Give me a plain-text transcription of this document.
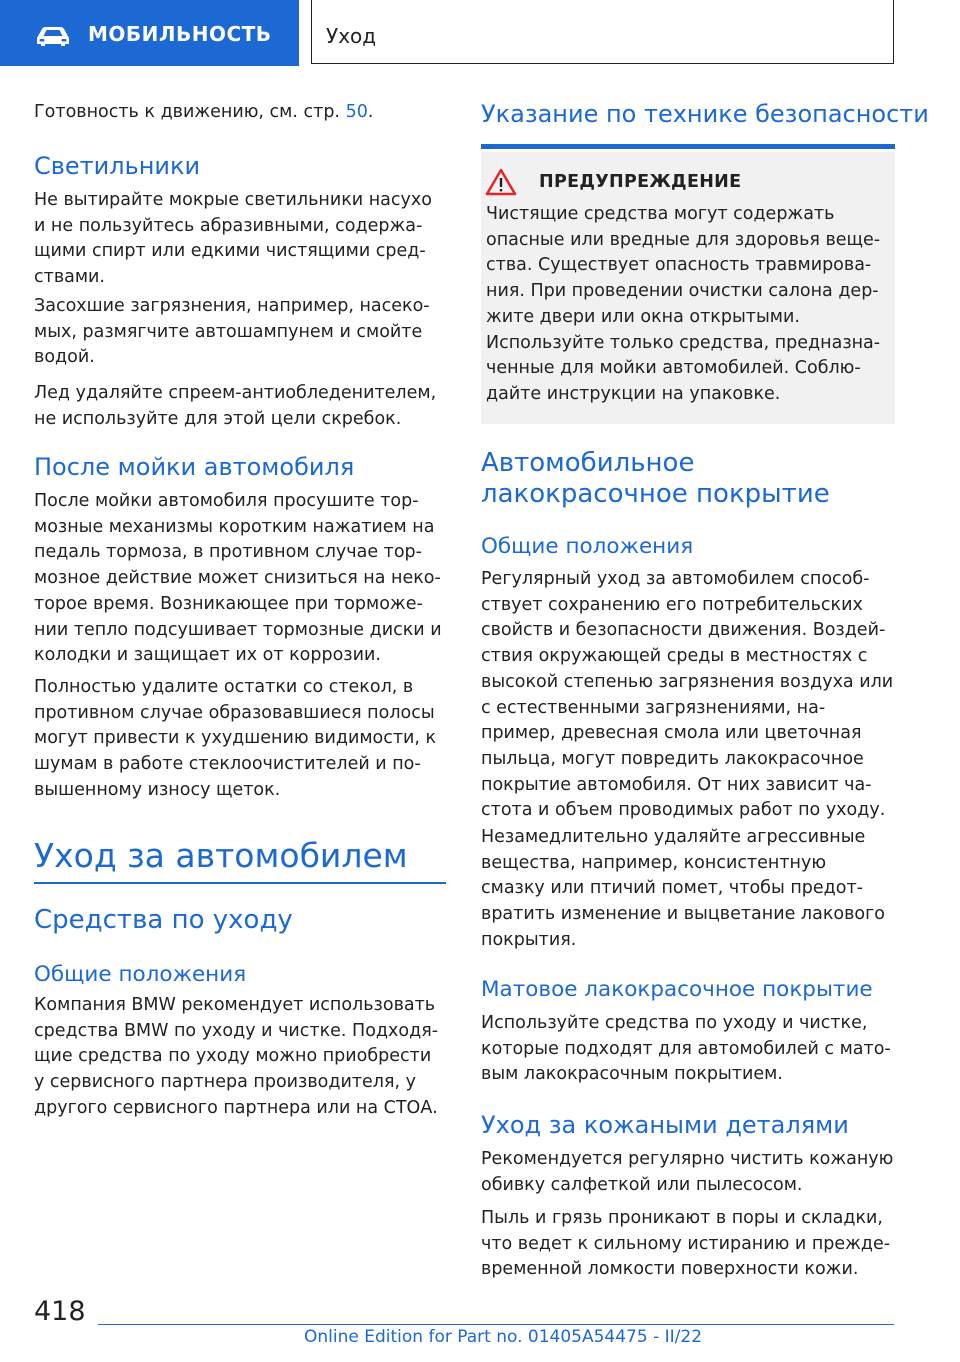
МОБИЛЬНОСТЬ	Уход

Готовность к движению, см. стр. 50.

Светильники

Не вытирайте мокрые светильники насухо и не пользуйтесь абразивными, содержа-щими спирт или едкими чистящими сред-ствами.

Засохшие загрязнения, например, насеко-мых, размягчите автошампунем и смойте водой.

Лед удаляйте спреем-антиобледенителем, не используйте для этой цели скребок.

После мойки автомобиля

После мойки автомобиля просушите тор-мозные механизмы коротким нажатием на педаль тормоза, в противном случае тор-мозное действие может снизиться на неко-торое время. Возникающее при торможе-нии тепло подсушивает тормозные диски и колодки и защищает их от коррозии.

Полностью удалите остатки со стекол, в противном случае образовавшиеся полосы могут привести к ухудшению видимости, к шумам в работе стеклоочистителей и по-вышенному износу щеток.

Уход за автомобилем
Средства по уходу
Общие положения

Компания BMW рекомендует использовать средства BMW по уходу и чистке. Подходя-щие средства по уходу можно приобрести у сервисного партнера производителя, у другого сервисного партнера или на СТОА.

Указание по технике безопасности
ПРЕДУПРЕЖДЕНИЕ

Чистящие средства могут содержать опасные или вредные для здоровья веще-ства. Существует опасность травмирова-ния. При проведении очистки салона дер-жите двери или окна открытыми. Используйте только средства, предназна-ченные для мойки автомобилей. Соблю-дайте инструкции на упаковке.

Автомобильное лакокрасочное покрытие
Общие положения

Регулярный уход за автомобилем способ-ствует сохранению его потребительских свойств и безопасности движения. Воздей-ствия окружающей среды в местностях с высокой степенью загрязнения воздуха или с естественными загрязнениями, на-пример, древесная смола или цветочная пыльца, могут повредить лакокрасочное покрытие автомобиля. От них зависит ча-стота и объем проводимых работ по уходу.

Незамедлительно удаляйте агрессивные вещества, например, консистентную смазку или птичий помет, чтобы предот-вратить изменение и выцветание лакового покрытия.

Матовое лакокрасочное покрытие

Используйте средства по уходу и чистке, которые подходят для автомобилей с мато-вым лакокрасочным покрытием.

Уход за кожаными деталями

Рекомендуется регулярно чистить кожаную обивку салфеткой или пылесосом.

Пыль и грязь проникают в поры и складки, что ведет к сильному истиранию и прежде-временной ломкости поверхности кожи.

418
Online Edition for Part no. 01405A54475 - II/22
